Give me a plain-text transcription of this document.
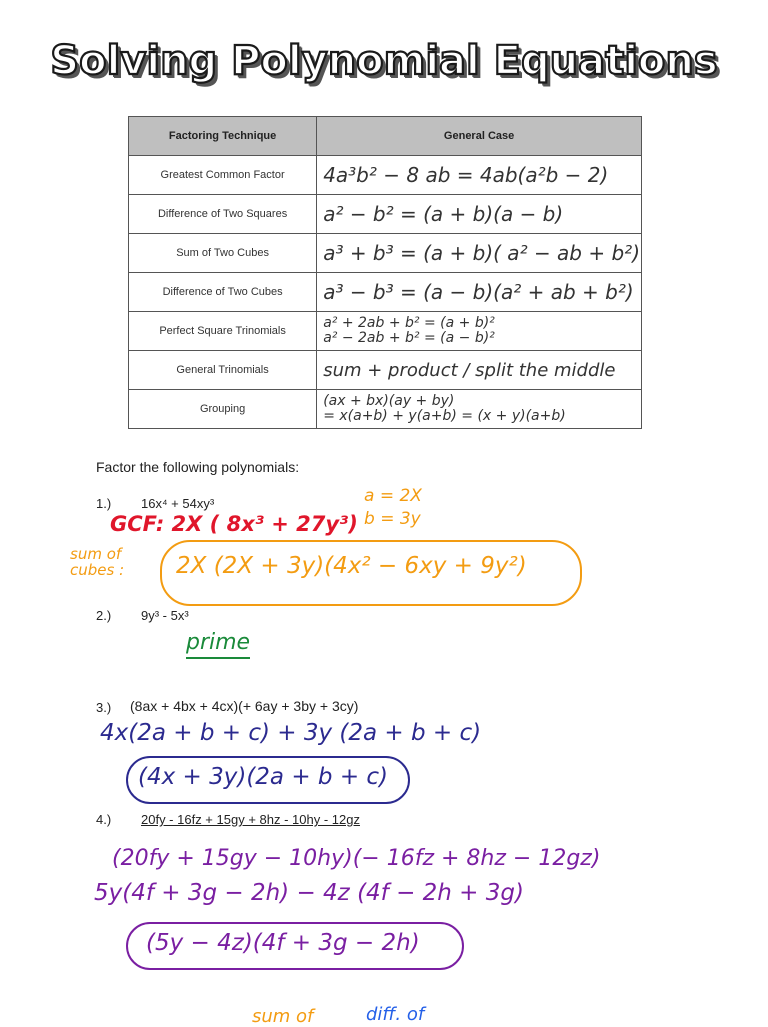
Solving Polynomial Equations
Factoring Technique	General Case
Greatest Common Factor	4a³b² − 8 ab = 4ab(a²b − 2)
Difference of Two Squares	a² − b² = (a + b)(a − b)
Sum of Two Cubes	a³ + b³ = (a + b)( a² − ab + b²)
Difference of Two Cubes	a³ − b³ = (a − b)(a² + ab + b²)
Perfect Square Trinomials	a² + 2ab + b² = (a + b)²
a² − 2ab + b² = (a − b)²

General Trinomials	sum + product / split the middle
Grouping	(ax + bx)(ay + by)
= x(a+b) + y(a+b) = (x + y)(a+b)
Factor the following polynomials:
1.) 16x⁴ + 54xy³	a = 2X
b = 3y
GCF: 2X ( 8x³ + 27y³)
sum of cubes :	2X (2X + 3y)(4x² − 6xy + 9y²)
2.) 9y³ - 5x³
prime
3.) (8ax + 4bx + 4cx)(+ 6ay + 3by + 3cy)
4x(2a + b + c) + 3y (2a + b + c)
(4x + 3y)(2a + b + c)
4.) 20fy - 16fz + 15gy + 8hz - 10hy - 12gz
(20fy + 15gy − 10hy)(− 16fz + 8hz − 12gz)
5y(4f + 3g − 2h) − 4z (4f − 2h + 3g)
(5y − 4z)(4f + 3g − 2h)
sum of	diff. of
